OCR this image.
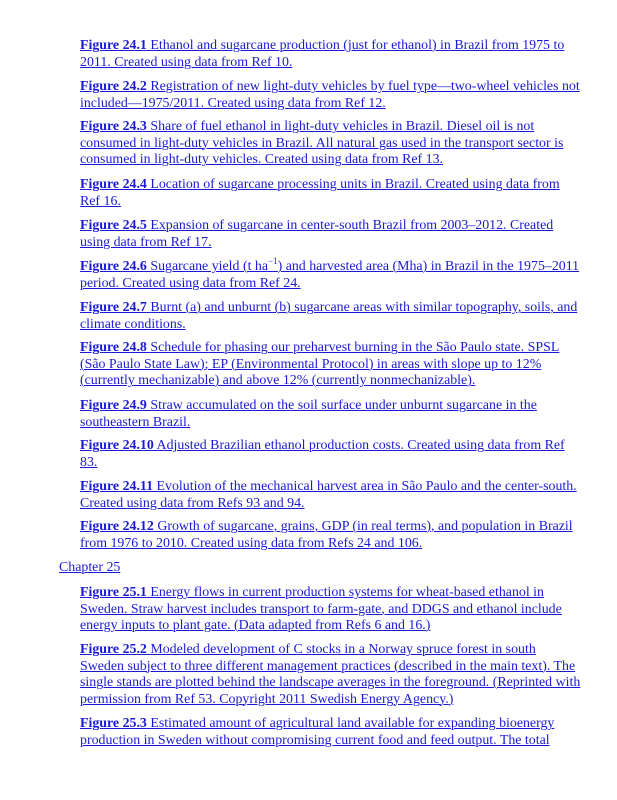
Figure 24.1 Ethanol and sugarcane production (just for ethanol) in Brazil from 1975 to 2011. Created using data from Ref 10.
Figure 24.2 Registration of new light-duty vehicles by fuel type—two-wheel vehicles not included—1975/2011. Created using data from Ref 12.
Figure 24.3 Share of fuel ethanol in light-duty vehicles in Brazil. Diesel oil is not consumed in light-duty vehicles in Brazil. All natural gas used in the transport sector is consumed in light-duty vehicles. Created using data from Ref 13.
Figure 24.4 Location of sugarcane processing units in Brazil. Created using data from Ref 16.
Figure 24.5 Expansion of sugarcane in center-south Brazil from 2003–2012. Created using data from Ref 17.
Figure 24.6 Sugarcane yield (t $ha^{-1}$) and harvested area (Mha) in Brazil in the 1975–2011 period. Created using data from Ref 24.
Figure 24.7 Burnt (a) and unburnt (b) sugarcane areas with similar topography, soils, and climate conditions.
Figure 24.8 Schedule for phasing our preharvest burning in the São Paulo state. SPSL (São Paulo State Law); EP (Environmental Protocol) in areas with slope up to 12% (currently mechanizable) and above 12% (currently nonmechanizable).
Figure 24.9 Straw accumulated on the soil surface under unburnt sugarcane in the southeastern Brazil.
Figure 24.10 Adjusted Brazilian ethanol production costs. Created using data from Ref 83.
Figure 24.11 Evolution of the mechanical harvest area in São Paulo and the center-south. Created using data from Refs 93 and 94.
Figure 24.12 Growth of sugarcane, grains, GDP (in real terms), and population in Brazil from 1976 to 2010. Created using data from Refs 24 and 106.
Chapter 25
Figure 25.1 Energy flows in current production systems for wheat-based ethanol in Sweden. Straw harvest includes transport to farm-gate, and DDGS and ethanol include energy inputs to plant gate. (Data adapted from Refs 6 and 16.)
Figure 25.2 Modeled development of C stocks in a Norway spruce forest in south Sweden subject to three different management practices (described in the main text). The single stands are plotted behind the landscape averages in the foreground. (Reprinted with permission from Ref 53. Copyright 2011 Swedish Energy Agency.)
Figure 25.3 Estimated amount of agricultural land available for expanding bioenergy production in Sweden without compromising current food and feed output. The total
